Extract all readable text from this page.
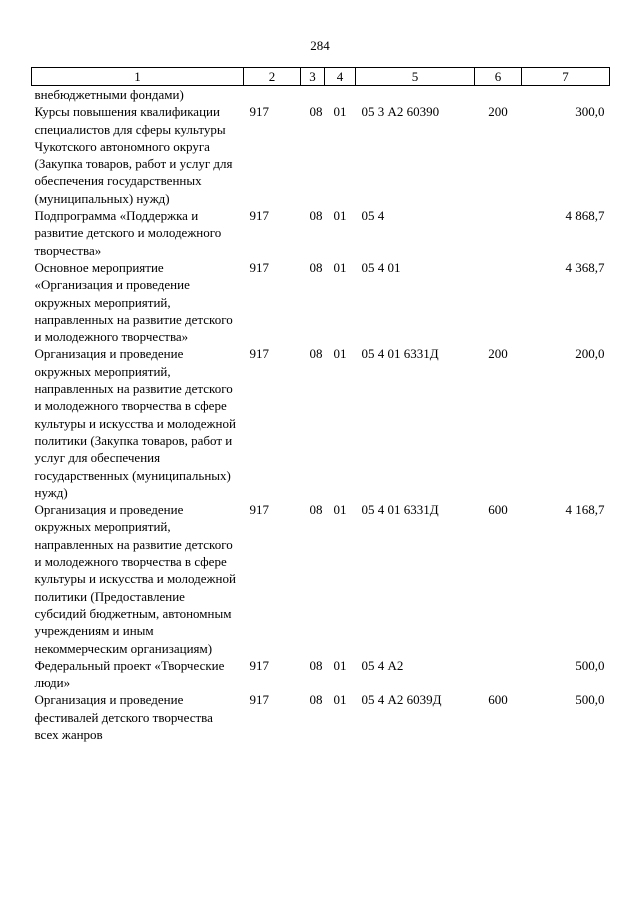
284
1	2	3	4	5	6	7
внебюджетными фондами)						
Курсы повышения квалификации специалистов для сферы культуры Чукотского автономного округа (Закупка товаров, работ и услуг для обеспечения государственных (муниципальных) нужд)	917	08	01	05 3 А2 60390	200	300,0
Подпрограмма «Поддержка и развитие детского и молодежного творчества»	917	08	01	05 4		4 868,7
Основное мероприятие «Организация и проведение окружных мероприятий, направленных на развитие детского и молодежного творчества»	917	08	01	05 4 01		4 368,7
Организация и проведение окружных мероприятий, направленных на развитие детского и молодежного творчества в сфере культуры и искусства и молодежной политики (Закупка товаров, работ и услуг для обеспечения государственных (муниципальных) нужд)	917	08	01	05 4 01 6331Д	200	200,0
Организация и проведение окружных мероприятий, направленных на развитие детского и молодежного творчества в сфере культуры и искусства и молодежной политики (Предоставление субсидий бюджетным, автономным учреждениям и иным некоммерческим организациям)	917	08	01	05 4 01 6331Д	600	4 168,7
Федеральный проект «Творческие люди»	917	08	01	05 4 А2		500,0
Организация и проведение фестивалей детского творчества всех жанров	917	08	01	05 4 А2 6039Д	600	500,0
